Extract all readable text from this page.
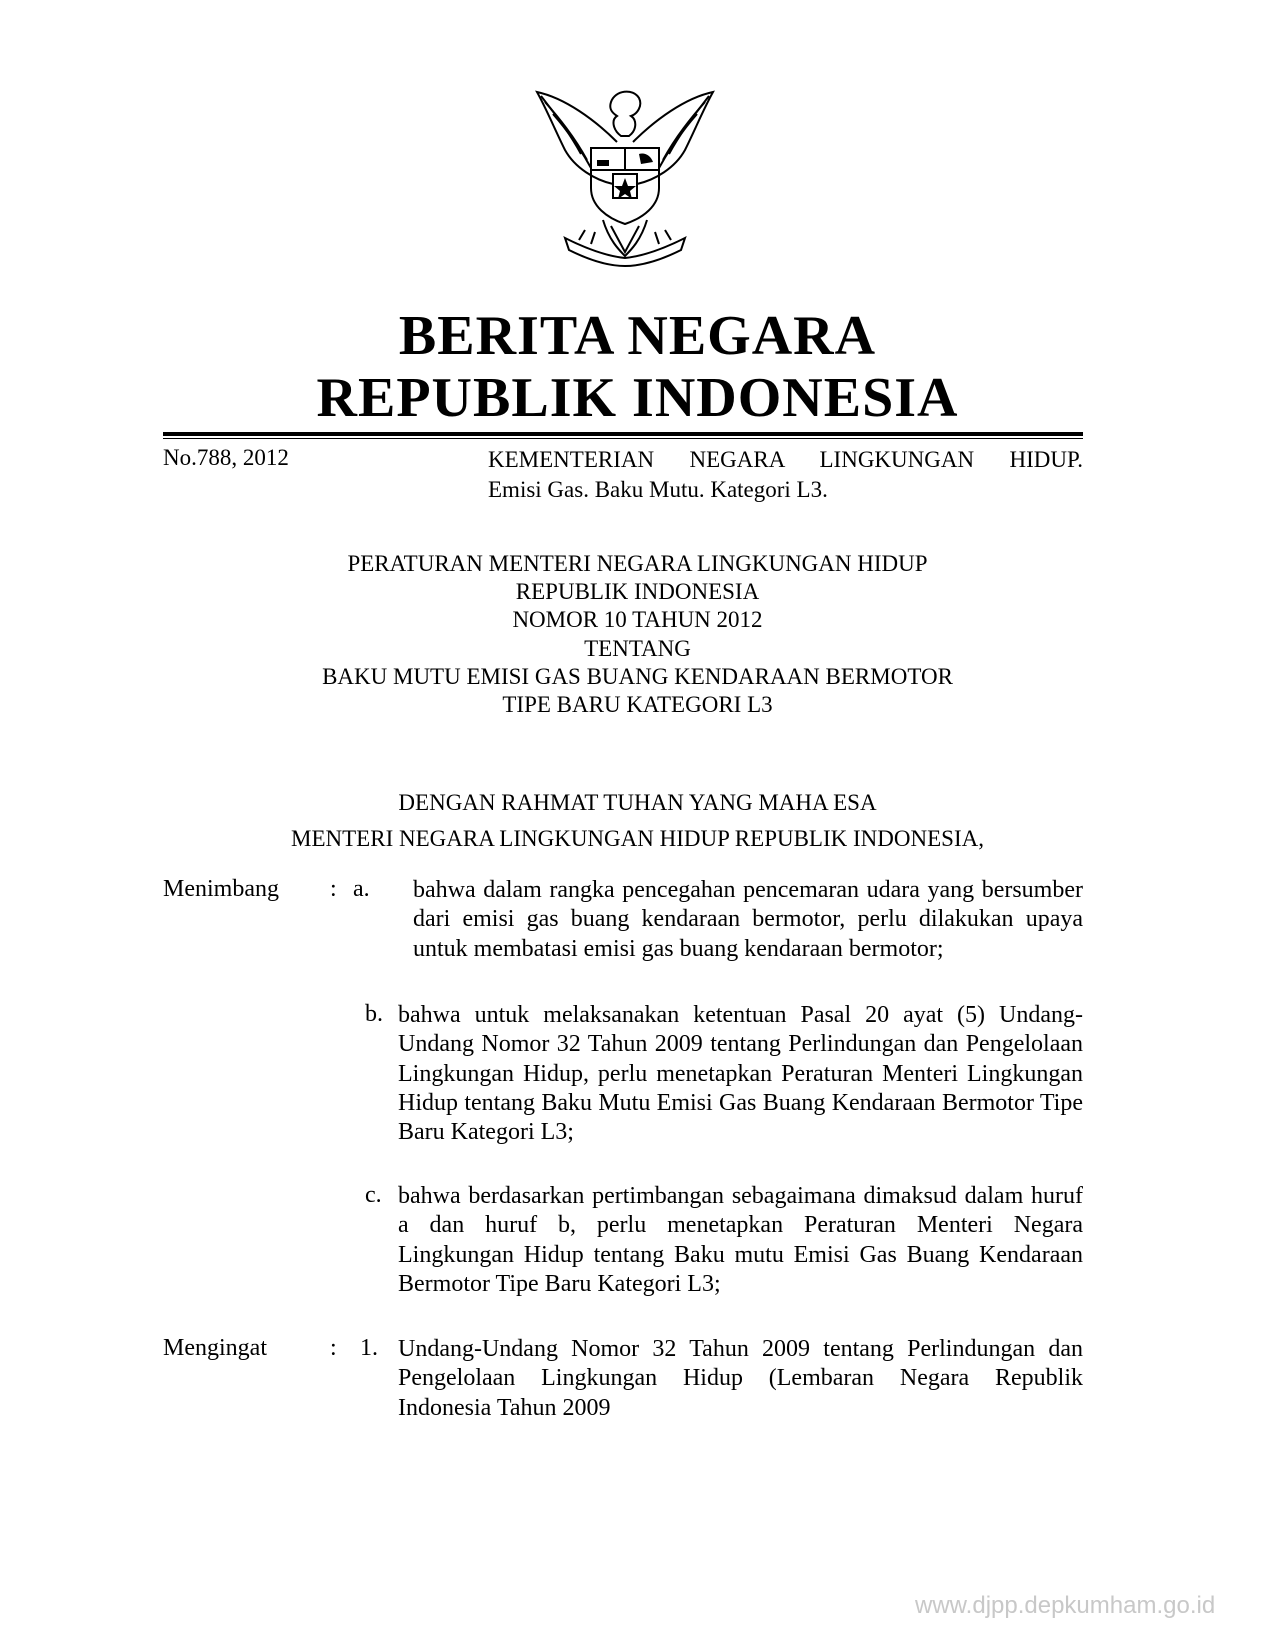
BERITA NEGARA
REPUBLIK INDONESIA
No.788, 2012	KEMENTERIAN NEGARA LINGKUNGAN HIDUP.
Emisi Gas. Baku Mutu. Kategori L3.
PERATURAN MENTERI NEGARA LINGKUNGAN HIDUP
REPUBLIK INDONESIA
NOMOR 10 TAHUN 2012
TENTANG
BAKU MUTU EMISI GAS BUANG KENDARAAN BERMOTOR
TIPE BARU KATEGORI L3
DENGAN RAHMAT TUHAN YANG MAHA ESA
MENTERI NEGARA LINGKUNGAN HIDUP REPUBLIK INDONESIA,
Menimbang : a. bahwa dalam rangka pencegahan pencemaran udara yang bersumber dari emisi gas buang kendaraan bermotor, perlu dilakukan upaya untuk membatasi emisi gas buang kendaraan bermotor;

b. bahwa untuk melaksanakan ketentuan Pasal 20 ayat (5) Undang-Undang Nomor 32 Tahun 2009 tentang Perlindungan dan Pengelolaan Lingkungan Hidup, perlu menetapkan Peraturan Menteri Lingkungan Hidup tentang Baku Mutu Emisi Gas Buang Kendaraan Bermotor Tipe Baru Kategori L3;

c. bahwa berdasarkan pertimbangan sebagaimana dimaksud dalam huruf a dan huruf b, perlu menetapkan Peraturan Menteri Negara Lingkungan Hidup tentang Baku mutu Emisi Gas Buang Kendaraan Bermotor Tipe Baru Kategori L3;

Mengingat	: 1. Undang-Undang Nomor 32 Tahun 2009 tentang Perlindungan dan Pengelolaan Lingkungan Hidup (Lembaran Negara Republik Indonesia Tahun 2009

www.djpp.depkumham.go.id
